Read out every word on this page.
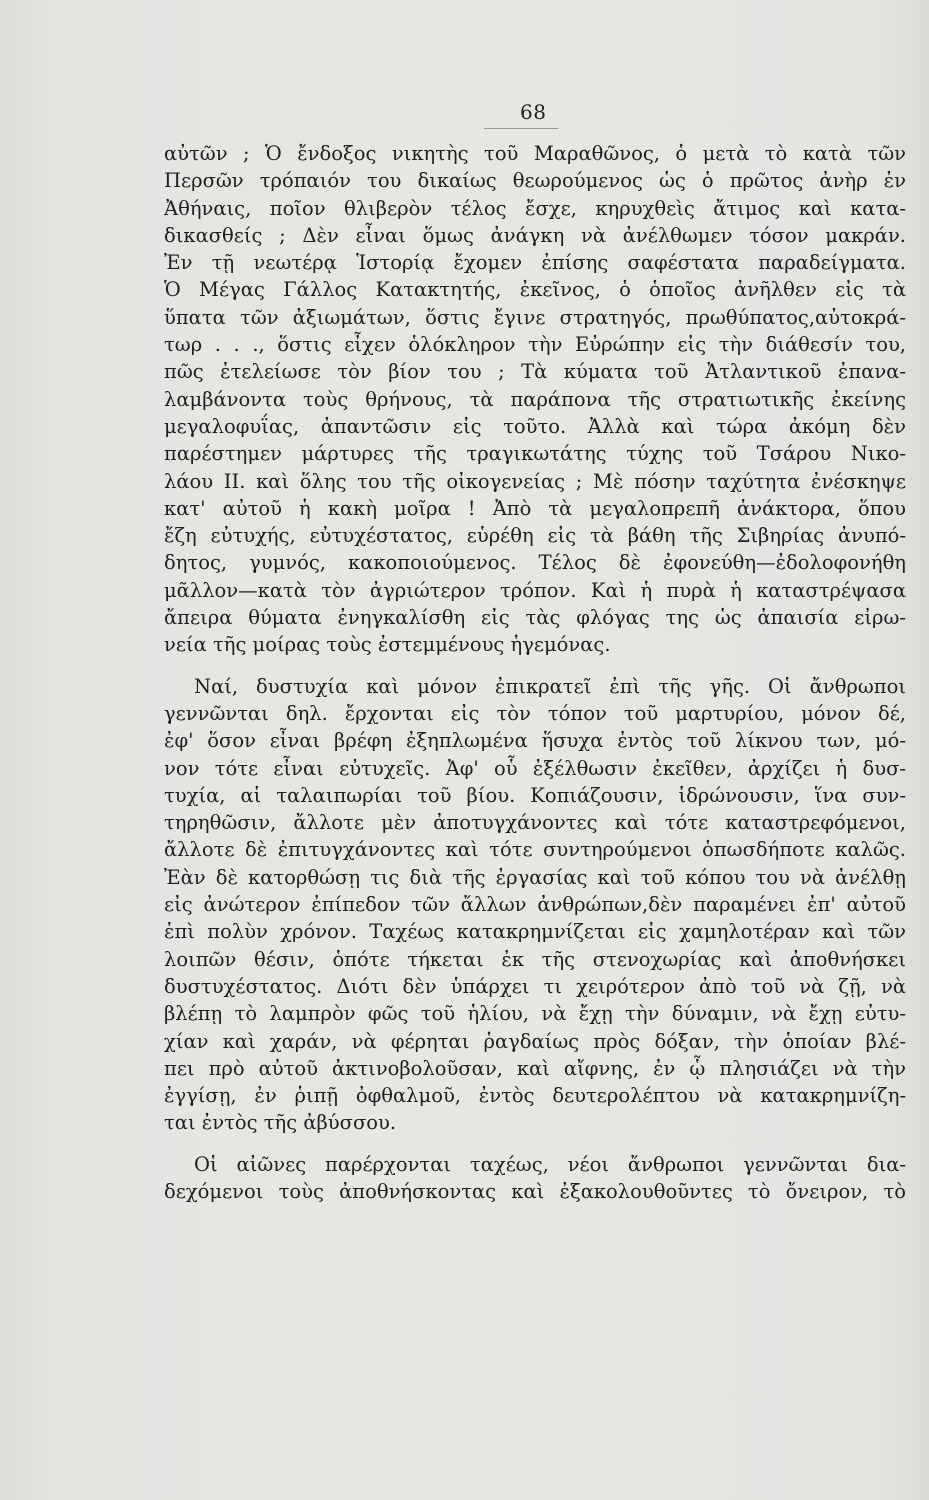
68
αὐτῶν ; Ὁ ἔνδοξος νικητὴς τοῦ Μαραθῶνος, ὁ μετὰ τὸ κατὰ τῶν
Περσῶν τρόπαιόν του δικαίως θεωρούμενος ὡς ὁ πρῶτος ἀνὴρ ἐν
Ἀθήναις, ποῖον θλιβερὸν τέλος ἔσχε, κηρυχθεὶς ἄτιμος καὶ κατα-
δικασθείς ; Δὲν εἶναι ὅμως ἀνάγκη νὰ ἀνέλθωμεν τόσον μακράν.
Ἐν τῇ νεωτέρᾳ Ἱστορίᾳ ἔχομεν ἐπίσης σαφέστατα παραδείγματα.
Ὁ Μέγας Γάλλος Κατακτητής, ἐκεῖνος, ὁ ὁποῖος ἀνῆλθεν εἰς τὰ
ὕπατα τῶν ἀξιωμάτων, ὅστις ἔγινε στρατηγός, πρωθύπατος,αὐτοκρά-
τωρ . . ., ὅστις εἶχεν ὁλόκληρον τὴν Εὐρώπην εἰς τὴν διάθεσίν του,
πῶς ἐτελείωσε τὸν βίον του ; Τὰ κύματα τοῦ Ἀτλαντικοῦ ἐπανα-
λαμβάνοντα τοὺς θρήνους, τὰ παράπονα τῆς στρατιωτικῆς ἐκείνης
μεγαλοφυΐας, ἀπαντῶσιν εἰς τοῦτο. Ἀλλὰ καὶ τώρα ἀκόμη δὲν
παρέστημεν μάρτυρες τῆς τραγικωτάτης τύχης τοῦ Τσάρου Νικο-
λάου ΙΙ. καὶ ὅλης του τῆς οἰκογενείας ; Μὲ πόσην ταχύτητα ἐνέσκηψε
κατ' αὐτοῦ ἡ κακὴ μοῖρα ! Ἀπὸ τὰ μεγαλοπρεπῆ ἀνάκτορα, ὅπου
ἔζη εὐτυχής, εὐτυχέστατος, εὑρέθη εἰς τὰ βάθη τῆς Σιβηρίας ἀνυπό-
δητος, γυμνός, κακοποιούμενος. Τέλος δὲ ἐφονεύθη—ἐδολοφονήθη
μᾶλλον—κατὰ τὸν ἀγριώτερον τρόπον. Καὶ ἡ πυρὰ ἡ καταστρέψασα
ἄπειρα θύματα ἐνηγκαλίσθη εἰς τὰς φλόγας της ὡς ἀπαισία εἰρω-
νεία τῆς μοίρας τοὺς ἐστεμμένους ἡγεμόνας.
Ναί, δυστυχία καὶ μόνον ἐπικρατεῖ ἐπὶ τῆς γῆς. Οἱ ἄνθρωποι
γεννῶνται δηλ. ἔρχονται εἰς τὸν τόπον τοῦ μαρτυρίου, μόνον δέ,
ἐφ' ὅσον εἶναι βρέφη ἐξηπλωμένα ἥσυχα ἐντὸς τοῦ λίκνου των, μό-
νον τότε εἶναι εὐτυχεῖς. Ἀφ' οὗ ἐξέλθωσιν ἐκεῖθεν, ἀρχίζει ἡ δυσ-
τυχία, αἱ ταλαιπωρίαι τοῦ βίου. Κοπιάζουσιν, ἱδρώνουσιν, ἵνα συν-
τηρηθῶσιν, ἄλλοτε μὲν ἀποτυγχάνοντες καὶ τότε καταστρεφόμενοι,
ἄλλοτε δὲ ἐπιτυγχάνοντες καὶ τότε συντηρούμενοι ὁπωσδήποτε καλῶς.
Ἐὰν δὲ κατορθώσῃ τις διὰ τῆς ἐργασίας καὶ τοῦ κόπου του νὰ ἀνέλθῃ
εἰς ἀνώτερον ἐπίπεδον τῶν ἄλλων ἀνθρώπων,δὲν παραμένει ἐπ' αὐτοῦ
ἐπὶ πολὺν χρόνον. Ταχέως κατακρημνίζεται εἰς χαμηλοτέραν καὶ τῶν
λοιπῶν θέσιν, ὁπότε τήκεται ἐκ τῆς στενοχωρίας καὶ ἀποθνήσκει
δυστυχέστατος. Διότι δὲν ὑπάρχει τι χειρότερον ἀπὸ τοῦ νὰ ζῇ, νὰ
βλέπῃ τὸ λαμπρὸν φῶς τοῦ ἡλίου, νὰ ἔχῃ τὴν δύναμιν, νὰ ἔχῃ εὐτυ-
χίαν καὶ χαράν, νὰ φέρηται ῥαγδαίως πρὸς δόξαν, τὴν ὁποίαν βλέ-
πει πρὸ αὐτοῦ ἀκτινοβολοῦσαν, καὶ αἴφνης, ἐν ᾧ πλησιάζει νὰ τὴν
ἐγγίσῃ, ἐν ῥιπῇ ὀφθαλμοῦ, ἐντὸς δευτερολέπτου νὰ κατακρημνίζη-
ται ἐντὸς τῆς ἀβύσσου.
Οἱ αἰῶνες παρέρχονται ταχέως, νέοι ἄνθρωποι γεννῶνται δια-
δεχόμενοι τοὺς ἀποθνήσκοντας καὶ ἐξακολουθοῦντες τὸ ὄνειρον, τὸ
